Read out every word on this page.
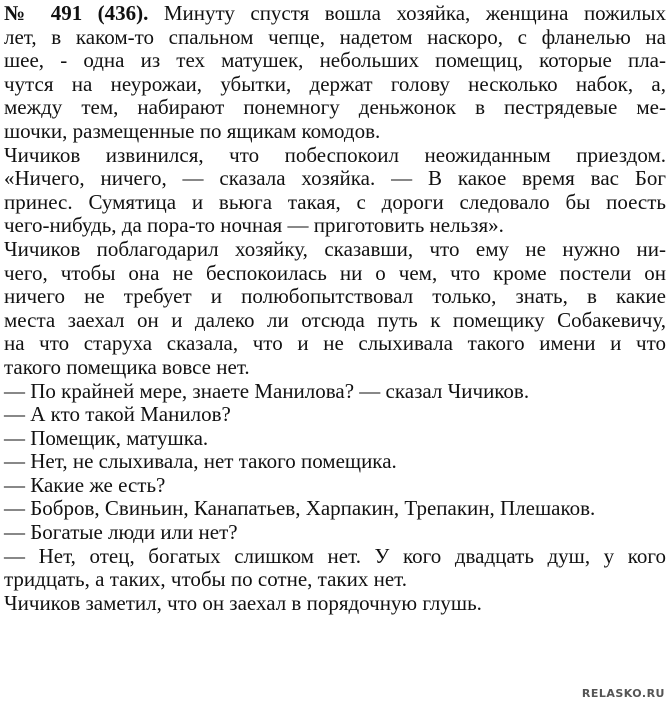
№ 491 (436). Минуту спустя вошла хозяйка, женщина пожилых
лет, в каком-то спальном чепце, надетом наскоро, с фланелью на
шее, - одна из тех матушек, небольших помещиц, которые пла-
чутся на неурожаи, убытки, держат голову несколько набок, а,
между тем, набирают понемногу деньжонок в пестрядевые ме-
шочки, размещенные по ящикам комодов.
Чичиков извинился, что побеспокоил неожиданным приездом.
«Ничего, ничего, — сказала хозяйка. — В какое время вас Бог
принес. Сумятица и вьюга такая, с дороги следовало бы поесть
чего-нибудь, да пора-то ночная — приготовить нельзя».
Чичиков поблагодарил хозяйку, сказавши, что ему не нужно ни-
чего, чтобы она не беспокоилась ни о чем, что кроме постели он
ничего не требует и полюбопытствовал только, знать, в какие
места заехал он и далеко ли отсюда путь к помещику Собакевичу,
на что старуха сказала, что и не слыхивала такого имени и что
такого помещика вовсе нет.
— По крайней мере, знаете Манилова? — сказал Чичиков.
— А кто такой Манилов?
— Помещик, матушка.
— Нет, не слыхивала, нет такого помещика.
— Какие же есть?
— Бобров, Свиньин, Канапатьев, Харпакин, Трепакин, Плешаков.
— Богатые люди или нет?
— Нет, отец, богатых слишком нет. У кого двадцать душ, у кого
тридцать, а таких, чтобы по сотне, таких нет.
Чичиков заметил, что он заехал в порядочную глушь.
RELASKO.RU
